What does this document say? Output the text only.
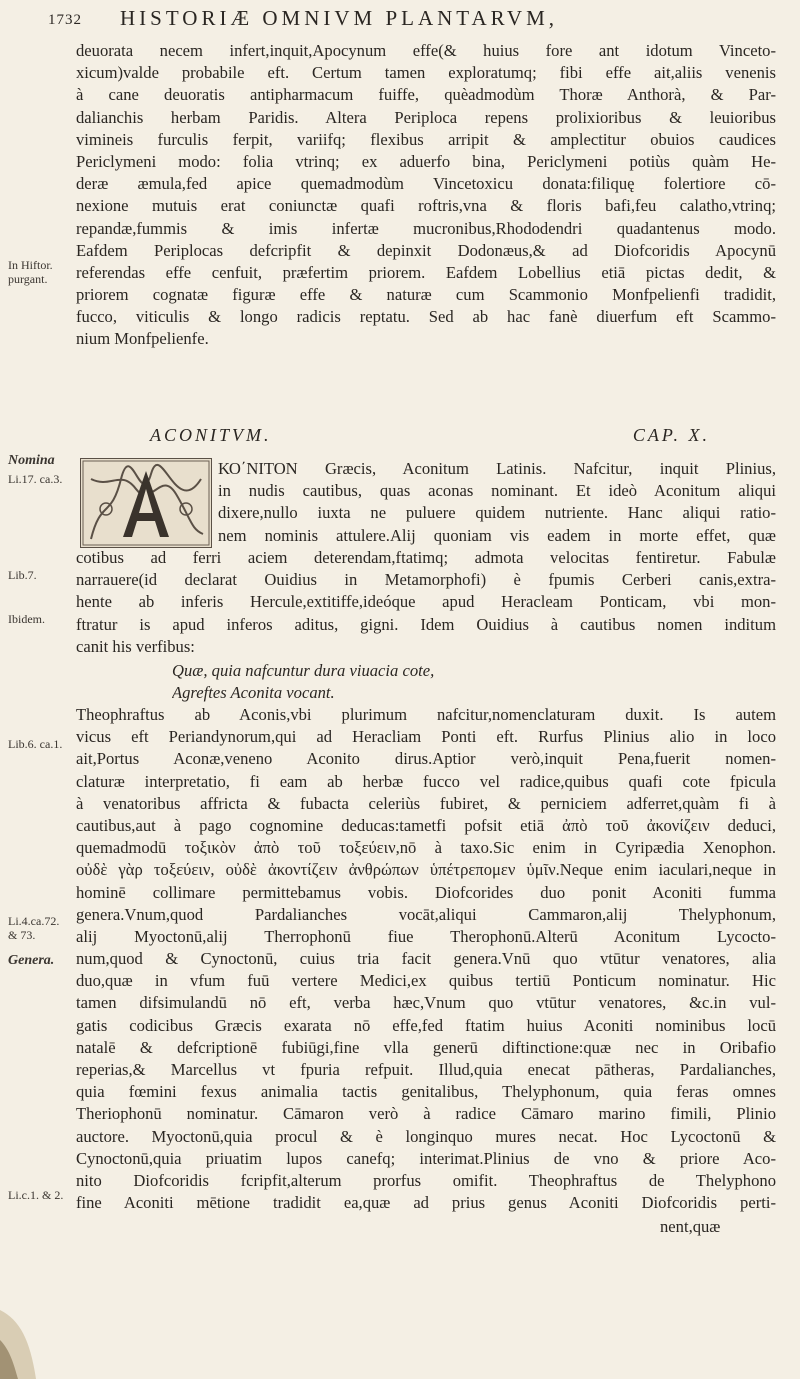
1732 HISTORIÆ OMNIVM PLANTARVM,
In Hiftor. purgant.
Nomina
Li.17. ca.3.
Lib.7.
Ibidem.
Lib.6. ca.1.
Li.4.ca.72. & 73.
Genera.
Li.c.1. & 2.
deuorata necem infert,inquit,Apocynum effe(& huius fore ant idotum Vinceto-
xicum)valde probabile eft. Certum tamen exploratumq; fibi effe ait,aliis venenis
à cane deuoratis antipharmacum fuiffe, quèadmodùm Thoræ Anthorà, & Par-
dalianchis herbam Paridis. Altera Periploca repens prolixioribus & leuioribus
vimineis furculis ferpit, variifq; flexibus arripit & amplectitur obuios caudices
Periclymeni modo: folia vtrinq; ex aduerfo bina, Periclymeni potiùs quàm He-
deræ æmula,fed apice quemadmodùm Vincetoxicu donata:filiquę folertiore cō-
nexione mutuis erat coniunctæ quafi roftris,vna & floris bafi,feu calatho,vtrinq;
repandæ,fummis & imis infertæ mucronibus,Rhododendri quadantenus modo.
Eafdem Periplocas defcripfit & depinxit Dodonæus,& ad Diofcoridis Apocynū
referendas effe cenfuit, præfertim priorem. Eafdem Lobellius etiā pictas dedit, &
priorem cognatæ figuræ effe & naturæ cum Scammonio Monfpelienfi tradidit,
fucco, viticulis & longo radicis reptatu. Sed ab hac fanè diuerfum eft Scammo-
nium Monfpelienfe.
ACONITVM.	CAP. X.
ΚΟ΄ΝΙΤΟΝ Græcis, Aconitum Latinis. Nafcitur, inquit Plinius,
in nudis cautibus, quas aconas nominant. Et ideò Aconitum aliqui
dixere,nullo iuxta ne puluere quidem nutriente. Hanc aliqui ratio-
nem nominis attulere.Alij quoniam vis eadem in morte effet, quæ
cotibus ad ferri aciem deterendam,ftatimq; admota velocitas fentiretur. Fabulæ
narrauere(id declarat Ouidius in Metamorphofi) è fpumis Cerberi canis,extra-
hente ab inferis Hercule,extitiffe,ideóque apud Heracleam Ponticam, vbi mon-
ftratur is apud inferos aditus, gigni. Idem Ouidius à cautibus nomen inditum
canit his verfibus:
Quæ, quia nafcuntur dura viuacia cote,
Agreftes Aconita vocant.
Theophraftus ab Aconis,vbi plurimum nafcitur,nomenclaturam duxit. Is autem
vicus eft Periandynorum,qui ad Heracliam Ponti eft. Rurfus Plinius alio in loco
ait,Portus Aconæ,veneno Aconito dirus.Aptior verò,inquit Pena,fuerit nomen-
claturæ interpretatio, fi eam ab herbæ fucco vel radice,quibus quafi cote fpicula
à venatoribus affricta & fubacta celeriùs fubiret, & perniciem adferret,quàm fi à
cautibus,aut à pago cognomine deducas:tametfi pofsit etiā ἀπὸ τοῦ ἀκονίζειν deduci,
quemadmodū τοξικὸν ἀπὸ τοῦ τοξεύειν,nō à taxo.Sic enim in Cyripædia Xenophon.
οὐδὲ γὰρ τοξεύειν, οὐδὲ ἀκοντίζειν ἀνθρώπων ὑπέτρεπομεν ὑμῖν.Neque enim iaculari,neque in
hominē collimare permittebamus vobis. Diofcorides duo ponit Aconiti fumma
genera.Vnum,quod Pardalianches vocāt,aliqui Cammaron,alij Thelyphonum,
alij Myoctonū,alij Therrophonū fiue Therophonū.Alterū Aconitum Lycocto-
num,quod & Cynoctonū, cuius tria facit genera.Vnū quo vtūtur venatores, alia
duo,quæ in vfum fuū vertere Medici,ex quibus tertiū Ponticum nominatur. Hic
tamen difsimulandū nō eft, verba hæc,Vnum quo vtūtur venatores, &c.in vul-
gatis codicibus Græcis exarata nō effe,fed ftatim huius Aconiti nominibus locū
natalē & defcriptionē fubiūgi,fine vlla generū diftinctione:quæ nec in Oribafio
reperias,& Marcellus vt fpuria refpuit. Illud,quia enecat pātheras, Pardalianches,
quia fœmini fexus animalia tactis genitalibus, Thelyphonum, quia feras omnes
Theriophonū nominatur. Cāmaron verò à radice Cāmaro marino fimili, Plinio
auctore. Myoctonū,quia procul & è longinquo mures necat. Hoc Lycoctonū &
Cynoctonū,quia priuatim lupos canefq; interimat.Plinius de vno & priore Aco-
nito Diofcoridis fcripfit,alterum prorfus omifit. Theophraftus de Thelyphono
fine Aconiti mētione tradidit ea,quæ ad prius genus Aconiti Diofcoridis perti-
nent,quæ
